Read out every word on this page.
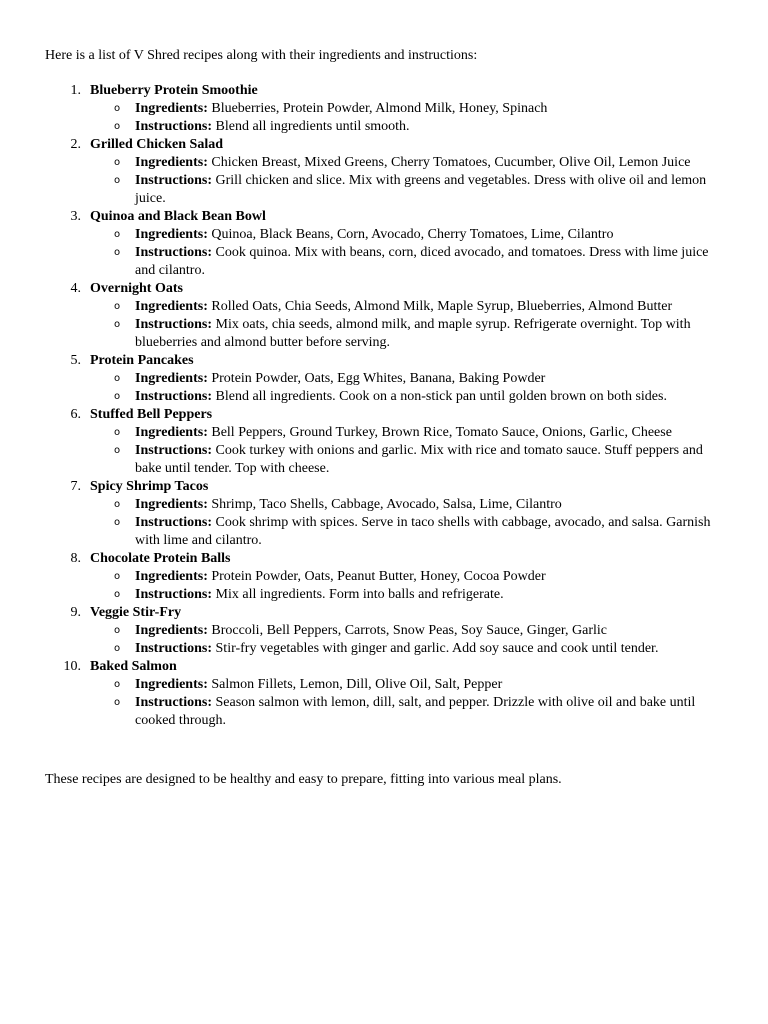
Here is a list of V Shred recipes along with their ingredients and instructions:

1. Blueberry Protein Smoothie
o Ingredients: Blueberries, Protein Powder, Almond Milk, Honey, Spinach
o Instructions: Blend all ingredients until smooth.
2. Grilled Chicken Salad
o Ingredients: Chicken Breast, Mixed Greens, Cherry Tomatoes, Cucumber, Olive Oil, Lemon Juice
o Instructions: Grill chicken and slice. Mix with greens and vegetables. Dress with olive oil and lemon juice.
3. Quinoa and Black Bean Bowl
o Ingredients: Quinoa, Black Beans, Corn, Avocado, Cherry Tomatoes, Lime, Cilantro
o Instructions: Cook quinoa. Mix with beans, corn, diced avocado, and tomatoes. Dress with lime juice and cilantro.
4. Overnight Oats
o Ingredients: Rolled Oats, Chia Seeds, Almond Milk, Maple Syrup, Blueberries, Almond Butter
o Instructions: Mix oats, chia seeds, almond milk, and maple syrup. Refrigerate overnight. Top with blueberries and almond butter before serving.
5. Protein Pancakes
o Ingredients: Protein Powder, Oats, Egg Whites, Banana, Baking Powder
o Instructions: Blend all ingredients. Cook on a non-stick pan until golden brown on both sides.
6. Stuffed Bell Peppers
o Ingredients: Bell Peppers, Ground Turkey, Brown Rice, Tomato Sauce, Onions, Garlic, Cheese
o Instructions: Cook turkey with onions and garlic. Mix with rice and tomato sauce. Stuff peppers and bake until tender. Top with cheese.
7. Spicy Shrimp Tacos
o Ingredients: Shrimp, Taco Shells, Cabbage, Avocado, Salsa, Lime, Cilantro
o Instructions: Cook shrimp with spices. Serve in taco shells with cabbage, avocado, and salsa. Garnish with lime and cilantro.
8. Chocolate Protein Balls
o Ingredients: Protein Powder, Oats, Peanut Butter, Honey, Cocoa Powder
o Instructions: Mix all ingredients. Form into balls and refrigerate.
9. Veggie Stir-Fry
o Ingredients: Broccoli, Bell Peppers, Carrots, Snow Peas, Soy Sauce, Ginger, Garlic
o Instructions: Stir-fry vegetables with ginger and garlic. Add soy sauce and cook until tender.
10. Baked Salmon
o Ingredients: Salmon Fillets, Lemon, Dill, Olive Oil, Salt, Pepper
o Instructions: Season salmon with lemon, dill, salt, and pepper. Drizzle with olive oil and bake until cooked through.

These recipes are designed to be healthy and easy to prepare, fitting into various meal plans.
